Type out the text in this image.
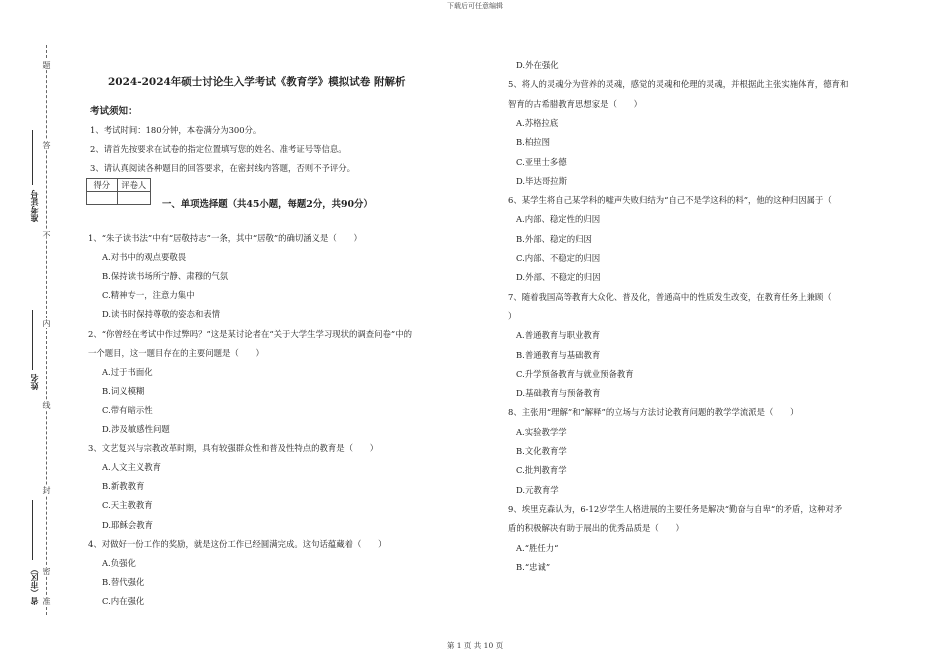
下载后可任意编辑
题
答
不
内
线
封
密
准
准考证号
姓名
省（市区）
2024-2024年硕士讨论生入学考试《教育学》模拟试卷 附解析
考试须知：
1、考试时间：180分钟，本卷满分为300分。
2、请首先按要求在试卷的指定位置填写您的姓名、准考证号等信息。
3、请认真阅读各种题目的回答要求，在密封线内答题，否则不予评分。
得分	评卷人
一、单项选择题（共45小题，每题2分，共90分）
1、“朱子读书法”中有“居敬持志”一条，其中“居敬”的确切涵义是（　　）
A.对书中的观点要敬畏
B.保持读书场所宁静、肃穆的气氛
C.精神专一，注意力集中
D.读书时保持尊敬的姿态和表情
2、“你曾经在考试中作过弊吗？”这是某讨论者在“关于大学生学习现状的调查问卷”中的
一个题目，这一题目存在的主要问题是（　　）
A.过于书面化
B.词义模糊
C.带有暗示性
D.涉及敏感性问题
3、文艺复兴与宗教改革时期，具有较强群众性和普及性特点的教育是（　　）
A.人文主义教育
B.新教教育
C.天主教教育
D.耶稣会教育
4、对做好一份工作的奖励，就是这份工作已经圆满完成。这句话蕴藏着（　　）
A.负强化
B.替代强化
C.内在强化
D.外在强化
5、将人的灵魂分为营养的灵魂，感觉的灵魂和伦理的灵魂，并根据此主张实施体育，德育和
智育的古希腊教育思想家是（　　）
A.苏格拉底
B.柏拉图
C.亚里士多德
D.毕达哥拉斯
6、某学生将自己某学科的嘘声失败归结为“自己不是学这科的料”，他的这种归因属于（
A.内部、稳定性的归因
B.外部、稳定的归因
C.内部、不稳定的归因
D.外部、不稳定的归因
7、随着我国高等教育大众化、普及化，普通高中的性质发生改变，在教育任务上兼顾（
）
A.普通教育与职业教育
B.普通教育与基础教育
C.升学预备教育与就业预备教育
D.基础教育与预备教育
8、主张用“理解”和“解释”的立场与方法讨论教育问题的教学学流派是（　　）
A.实验教学学
B.文化教育学
C.批判教育学
D.元教育学
9、埃里克森认为，6-12岁学生人格进展的主要任务是解决“勤奋与自卑“的矛盾，这种对矛
盾的积极解决有助于展出的优秀品质是（　　）
A.“胜任力“
B.“忠诚”
第 1 页 共 10 页
